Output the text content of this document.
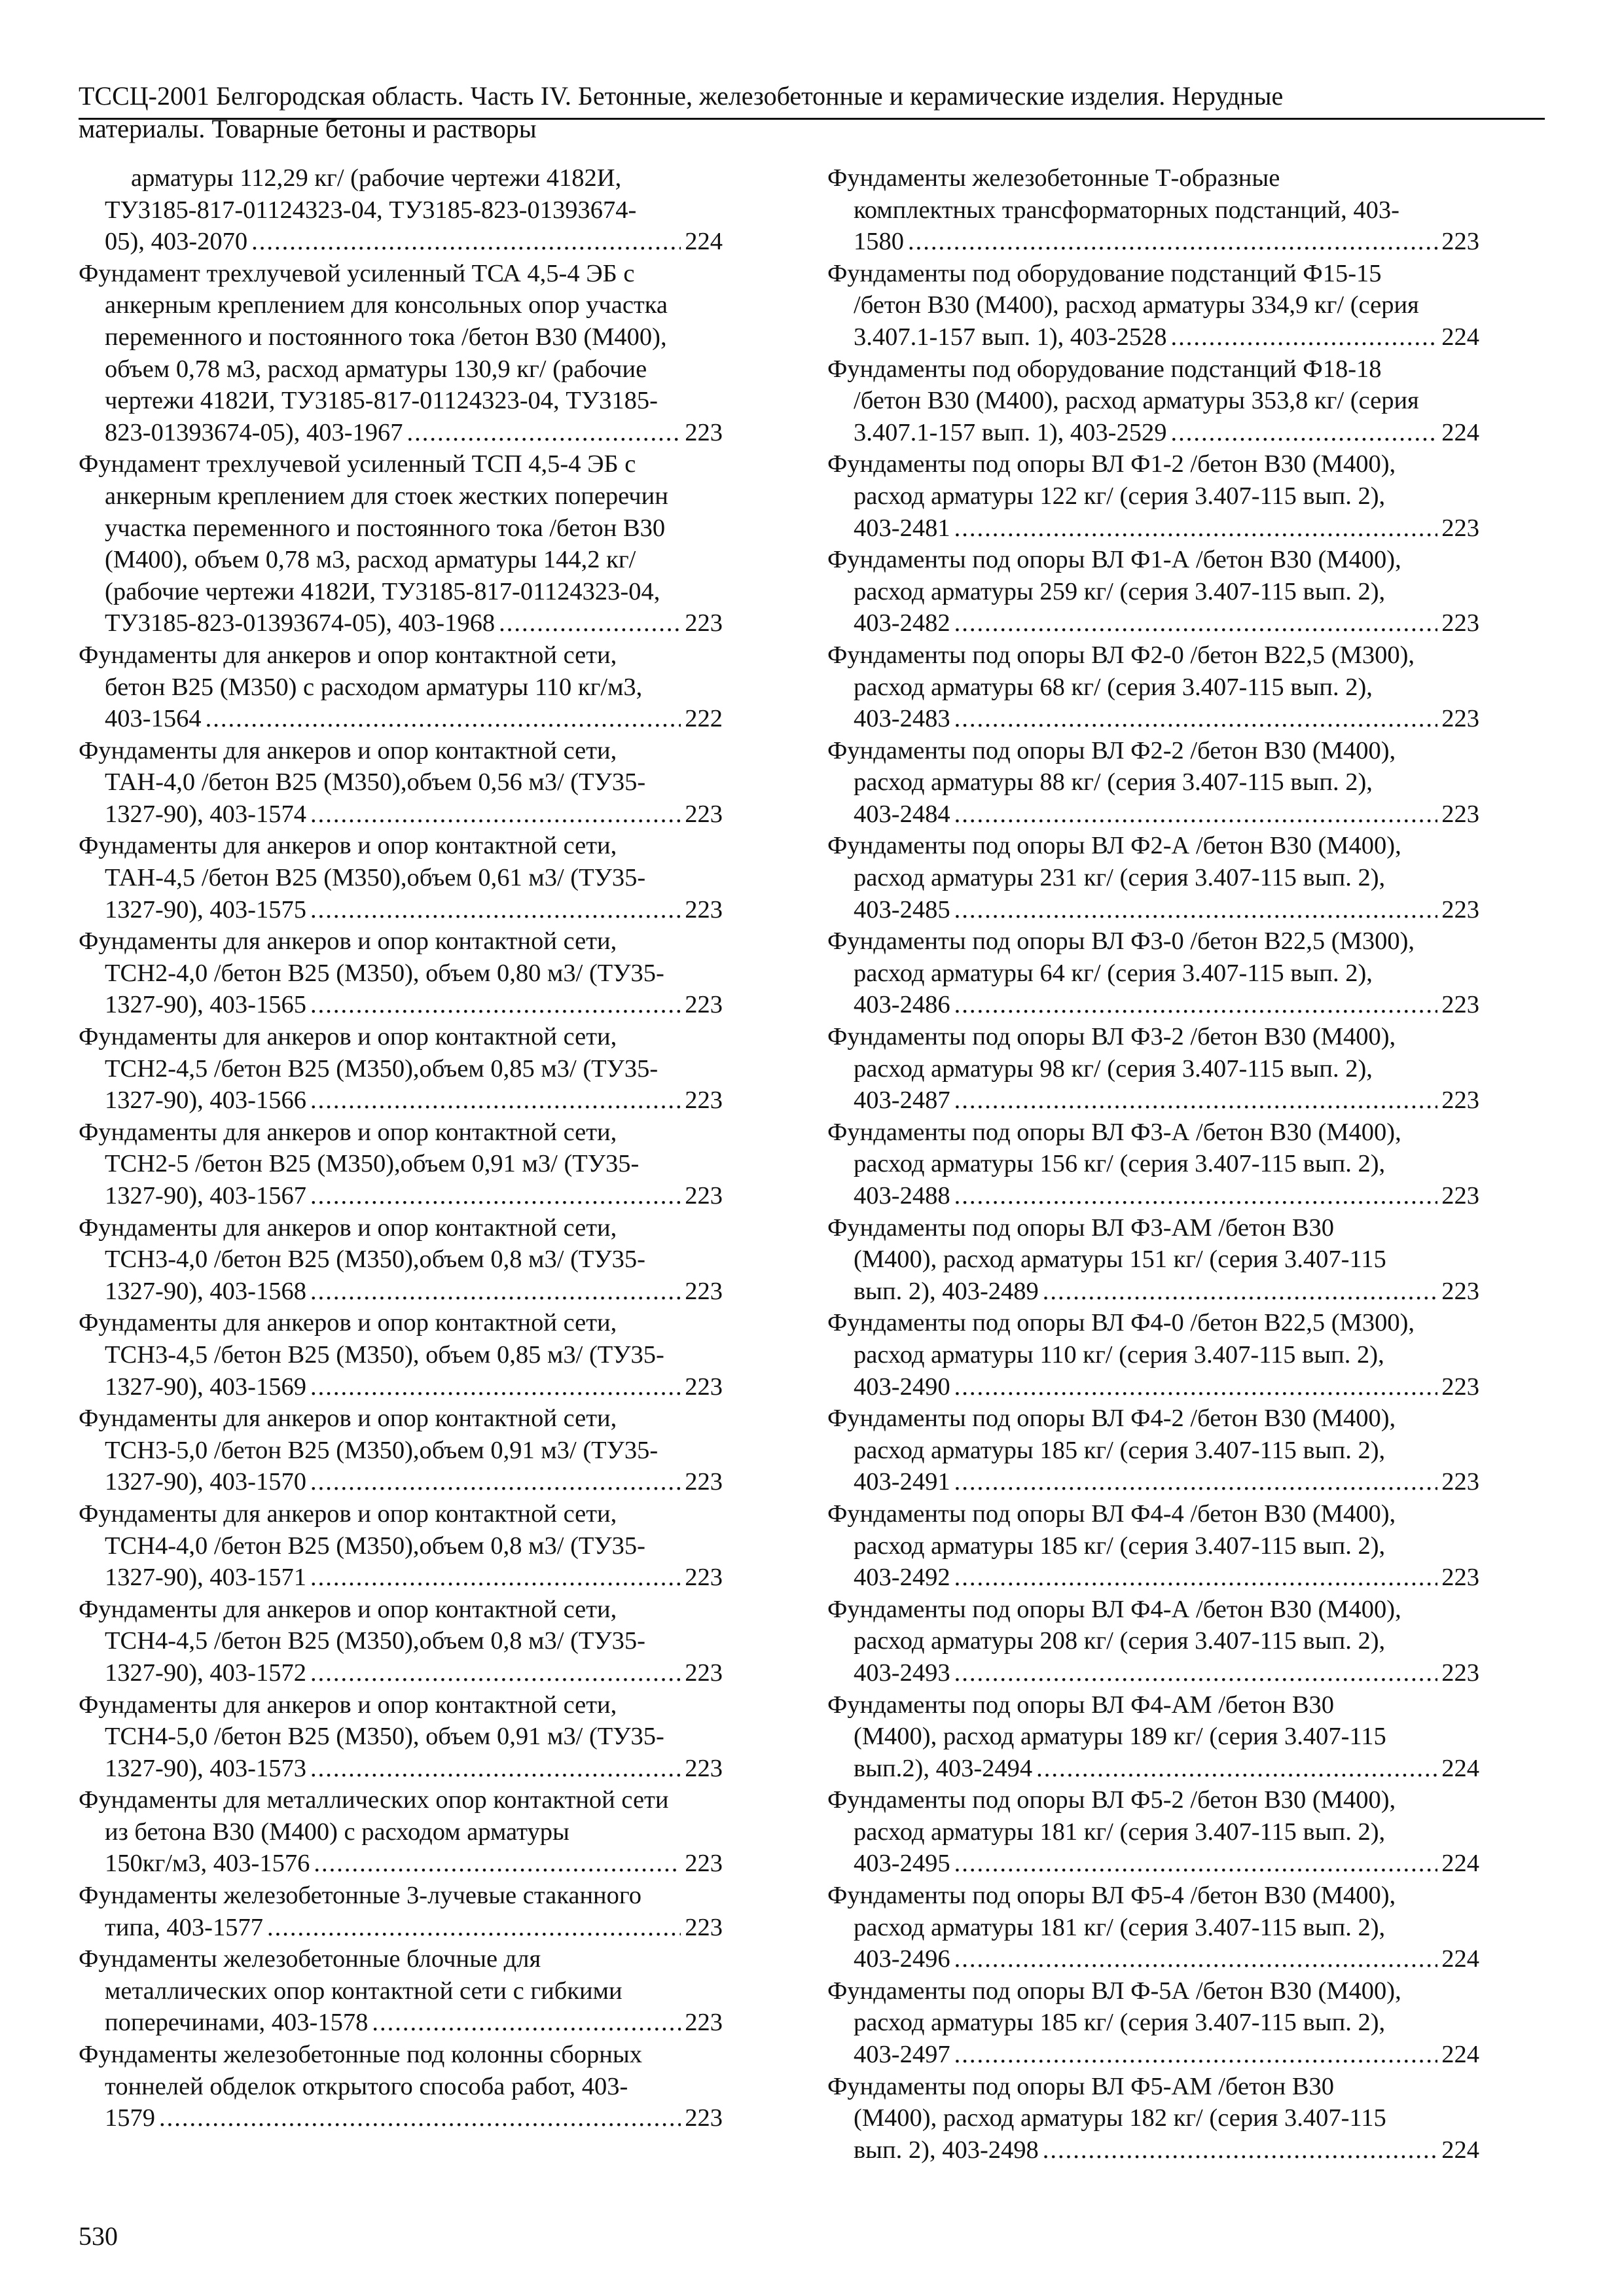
ТССЦ-2001 Белгородская область. Часть IV. Бетонные, железобетонные и керамические изделия. Нерудные
материалы. Товарные бетоны и растворы
арматуры 112,29 кг/ (рабочие чертежи 4182И,
ТУ3185-817-01124323-04, ТУ3185-823-01393674-

05), 403-2070 .....	224
Фундамент трехлучевой усиленный ТСА 4,5-4 ЭБ с
анкерным креплением для консольных опор участка
переменного и постоянного тока /бетон В30 (М400),
объем 0,78 м3, расход арматуры 130,9 кг/ (рабочие
чертежи 4182И, ТУ3185-817-01124323-04, ТУ3185-

823-01393674-05), 403-1967 .....	223
Фундамент трехлучевой усиленный ТСП 4,5-4 ЭБ с
анкерным креплением для стоек жестких поперечин
участка переменного и постоянного тока /бетон В30
(М400), объем 0,78 м3, расход арматуры 144,2 кг/
(рабочие чертежи 4182И, ТУ3185-817-01124323-04,

ТУ3185-823-01393674-05), 403-1968 .....	223
Фундаменты для анкеров и опор контактной сети,
бетон В25 (М350) с расходом арматуры 110 кг/м3,

403-1564 .....	222
Фундаменты для анкеров и опор контактной сети,
ТАН-4,0 /бетон В25 (М350),объем 0,56 м3/ (ТУ35-

1327-90), 403-1574 .....	223
Фундаменты для анкеров и опор контактной сети,
ТАН-4,5 /бетон В25 (М350),объем 0,61 м3/ (ТУ35-

1327-90), 403-1575 .....	223
Фундаменты для анкеров и опор контактной сети,
ТСН2-4,0 /бетон В25 (М350), объем 0,80 м3/ (ТУ35-

1327-90), 403-1565 .....	223
Фундаменты для анкеров и опор контактной сети,
ТСН2-4,5 /бетон В25 (М350),объем 0,85 м3/ (ТУ35-

1327-90), 403-1566 .....	223
Фундаменты для анкеров и опор контактной сети,
ТСН2-5 /бетон В25 (М350),объем 0,91 м3/ (ТУ35-

1327-90), 403-1567 .....	223
Фундаменты для анкеров и опор контактной сети,
ТСН3-4,0 /бетон В25 (М350),объем 0,8 м3/ (ТУ35-

1327-90), 403-1568 .....	223
Фундаменты для анкеров и опор контактной сети,
ТСН3-4,5 /бетон В25 (М350), объем 0,85 м3/ (ТУ35-

1327-90), 403-1569 .....	223
Фундаменты для анкеров и опор контактной сети,
ТСН3-5,0 /бетон В25 (М350),объем 0,91 м3/ (ТУ35-

1327-90), 403-1570 .....	223
Фундаменты для анкеров и опор контактной сети,
ТСН4-4,0 /бетон В25 (М350),объем 0,8 м3/ (ТУ35-

1327-90), 403-1571 .....	223
Фундаменты для анкеров и опор контактной сети,
ТСН4-4,5 /бетон В25 (М350),объем 0,8 м3/ (ТУ35-

1327-90), 403-1572 .....	223
Фундаменты для анкеров и опор контактной сети,
ТСН4-5,0 /бетон В25 (М350), объем 0,91 м3/ (ТУ35-

1327-90), 403-1573 .....	223
Фундаменты для металлических опор контактной сети
из бетона В30 (М400) с расходом арматуры

150кг/м3, 403-1576 .....	223
Фундаменты железобетонные 3-лучевые стаканного

типа, 403-1577 .....	223
Фундаменты железобетонные блочные для
металлических опор контактной сети с гибкими

поперечинами, 403-1578 .....	223
Фундаменты железобетонные под колонны сборных
тоннелей обделок открытого способа работ, 403-

1579 .....	223
Фундаменты железобетонные Т-образные
комплектных трансформаторных подстанций, 403-

1580 .....	223
Фундаменты под оборудование подстанций Ф15-15
/бетон В30 (М400), расход арматуры 334,9 кг/ (серия

3.407.1-157 вып. 1), 403-2528 .....	224
Фундаменты под оборудование подстанций Ф18-18
/бетон В30 (М400), расход арматуры 353,8 кг/ (серия

3.407.1-157 вып. 1), 403-2529 .....	224
Фундаменты под опоры ВЛ Ф1-2 /бетон В30 (М400),
расход арматуры 122 кг/ (серия 3.407-115 вып. 2),

403-2481 .....	223
Фундаменты под опоры ВЛ Ф1-А /бетон В30 (М400),
расход арматуры 259 кг/ (серия 3.407-115 вып. 2),

403-2482 .....	223
Фундаменты под опоры ВЛ Ф2-0 /бетон В22,5 (М300),
расход арматуры 68 кг/ (серия 3.407-115 вып. 2),

403-2483 .....	223
Фундаменты под опоры ВЛ Ф2-2 /бетон В30 (М400),
расход арматуры 88 кг/ (серия 3.407-115 вып. 2),

403-2484 .....	223
Фундаменты под опоры ВЛ Ф2-А /бетон В30 (М400),
расход арматуры 231 кг/ (серия 3.407-115 вып. 2),

403-2485 .....	223
Фундаменты под опоры ВЛ Ф3-0 /бетон В22,5 (М300),
расход арматуры 64 кг/ (серия 3.407-115 вып. 2),

403-2486 .....	223
Фундаменты под опоры ВЛ Ф3-2 /бетон В30 (М400),
расход арматуры 98 кг/ (серия 3.407-115 вып. 2),

403-2487 .....	223
Фундаменты под опоры ВЛ Ф3-А /бетон В30 (М400),
расход арматуры 156 кг/ (серия 3.407-115 вып. 2),

403-2488 .....	223
Фундаменты под опоры ВЛ Ф3-АМ /бетон В30
(М400), расход арматуры 151 кг/ (серия 3.407-115

вып. 2), 403-2489 .....	223
Фундаменты под опоры ВЛ Ф4-0 /бетон В22,5 (М300),
расход арматуры 110 кг/ (серия 3.407-115 вып. 2),

403-2490 .....	223
Фундаменты под опоры ВЛ Ф4-2 /бетон В30 (М400),
расход арматуры 185 кг/ (серия 3.407-115 вып. 2),

403-2491 .....	223
Фундаменты под опоры ВЛ Ф4-4 /бетон В30 (М400),
расход арматуры 185 кг/ (серия 3.407-115 вып. 2),

403-2492 .....	223
Фундаменты под опоры ВЛ Ф4-А /бетон В30 (М400),
расход арматуры 208 кг/ (серия 3.407-115 вып. 2),

403-2493 .....	223
Фундаменты под опоры ВЛ Ф4-АМ /бетон В30
(М400), расход арматуры 189 кг/ (серия 3.407-115

вып.2), 403-2494 .....	224
Фундаменты под опоры ВЛ Ф5-2 /бетон В30 (М400),
расход арматуры 181 кг/ (серия 3.407-115 вып. 2),

403-2495 .....	224
Фундаменты под опоры ВЛ Ф5-4 /бетон В30 (М400),
расход арматуры 181 кг/ (серия 3.407-115 вып. 2),

403-2496 .....	224
Фундаменты под опоры ВЛ Ф-5А /бетон В30 (М400),
расход арматуры 185 кг/ (серия 3.407-115 вып. 2),

403-2497 .....	224
Фундаменты под опоры ВЛ Ф5-АМ /бетон В30
(М400), расход арматуры 182 кг/ (серия 3.407-115

вып. 2), 403-2498 .....	224
530
